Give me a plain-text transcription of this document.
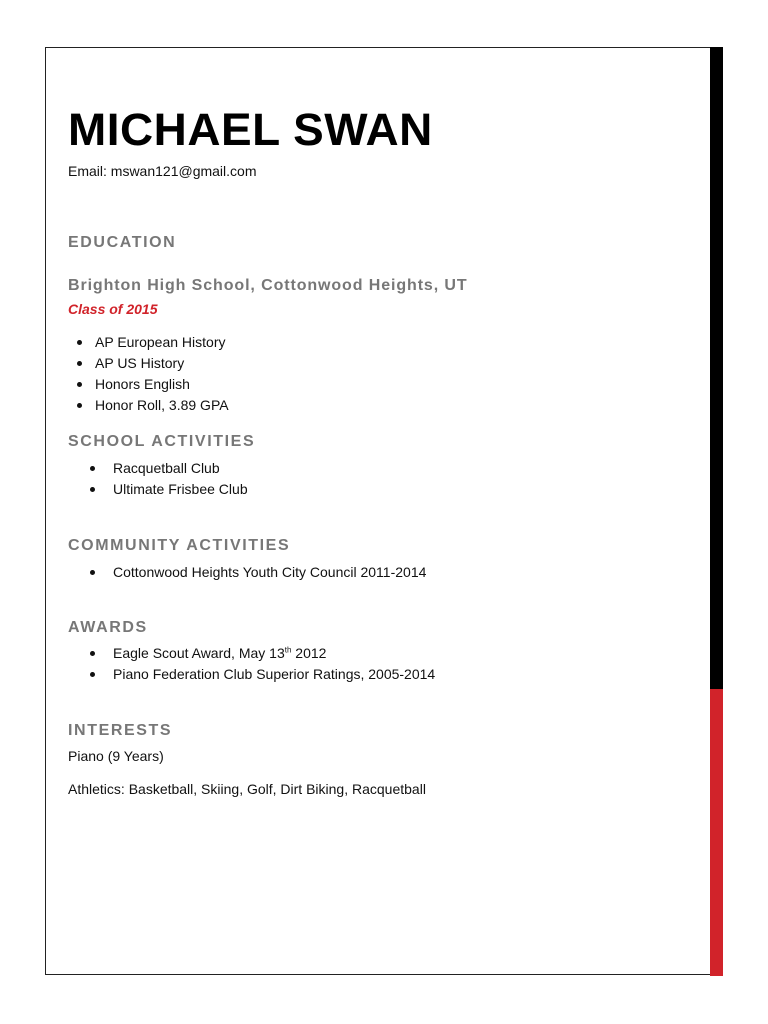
MICHAEL SWAN
Email: mswan121@gmail.com
EDUCATION
Brighton High School, Cottonwood Heights, UT
Class of 2015
AP European History
AP US History
Honors English
Honor Roll, 3.89 GPA
SCHOOL ACTIVITIES
Racquetball Club
Ultimate Frisbee Club
COMMUNITY ACTIVITIES
Cottonwood Heights Youth City Council 2011-2014
AWARDS
Eagle Scout Award, May 13th 2012
Piano Federation Club Superior Ratings, 2005-2014
INTERESTS
Piano (9 Years)
Athletics: Basketball, Skiing, Golf, Dirt Biking, Racquetball
